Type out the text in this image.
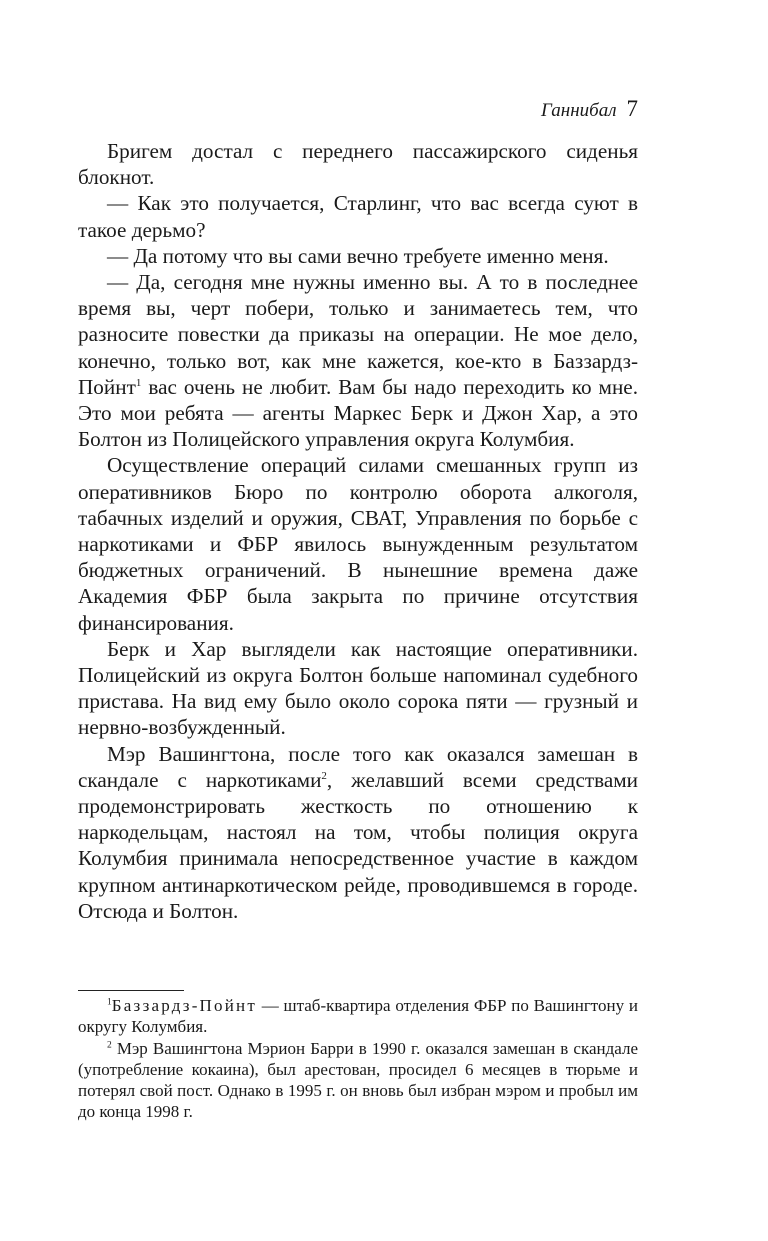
Ганнибал 7

Бригем достал с переднего пассажирского сиденья блокнот.

— Как это получается, Старлинг, что вас всегда суют в такое дерьмо?

— Да потому что вы сами вечно требуете именно меня.

— Да, сегодня мне нужны именно вы. А то в последнее время вы, черт побери, только и занимаетесь тем, что разносите повестки да приказы на операции. Не мое дело, конечно, только вот, как мне кажется, кое-кто в Баззардз-Пойнт$^1$ вас очень не любит. Вам бы надо переходить ко мне. Это мои ребята — агенты Маркес Берк и Джон Хар, а это Болтон из Полицейского управления округа Колумбия.

Осуществление операций силами смешанных групп из оперативников Бюро по контролю оборота алкоголя, табачных изделий и оружия, СВАТ, Управления по борьбе с наркотиками и ФБР явилось вынужденным результатом бюджетных ограничений. В нынешние времена даже Академия ФБР была закрыта по причине отсутствия финансирования.

Берк и Хар выглядели как настоящие оперативники. Полицейский из округа Болтон больше напоминал судебного пристава. На вид ему было около сорока пяти — грузный и нервно-возбужденный.

Мэр Вашингтона, после того как оказался замешан в скандале с наркотиками$^2$, желавший всеми средствами продемонстрировать жесткость по отношению к наркодельцам, настоял на том, чтобы полиция округа Колумбия принимала непосредственное участие в каждом крупном антинаркотическом рейде, проводившемся в городе. Отсюда и Болтон.

$^1$Баззардз-Пойнт — штаб-квартира отделения ФБР по Вашингтону и округу Колумбия.

$^2$ Мэр Вашингтона Мэрион Барри в 1990 г. оказался замешан в скандале (употребление кокаина), был арестован, просидел 6 месяцев в тюрьме и потерял свой пост. Однако в 1995 г. он вновь был избран мэром и пробыл им до конца 1998 г.
